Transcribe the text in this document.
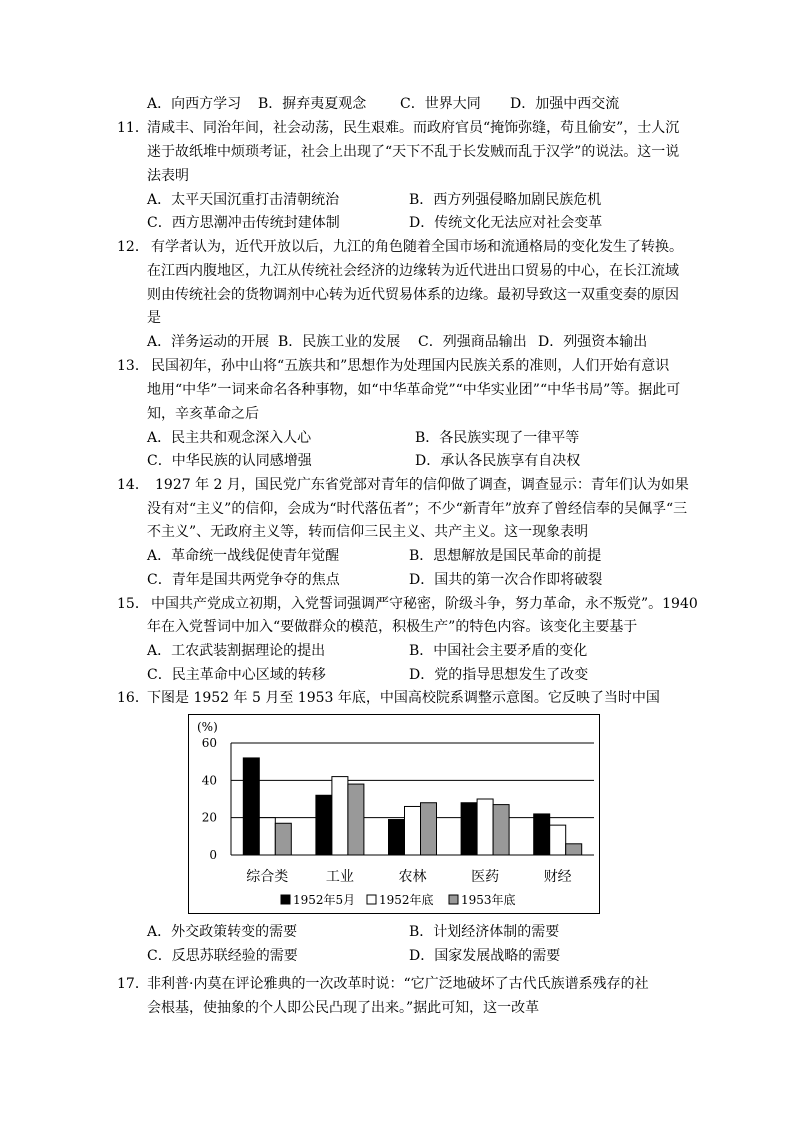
A．向西方学习 B．摒弃夷夏观念 C．世界大同 D．加强中西交流
11．
清咸丰、同治年间，社会动荡，民生艰难。而政府官员“掩饰弥缝，苟且偷安”，士人沉
迷于故纸堆中烦琐考证，社会上出现了“天下不乱于长发贼而乱于汉学”的说法。这一说
法表明
A．太平天国沉重打击清朝统治	B．西方列强侵略加剧民族危机
C．西方思潮冲击传统封建体制	D．传统文化无法应对社会变革
12． 有学者认为，近代开放以后，九江的角色随着全国市场和流通格局的变化发生了转换。
在江西内腹地区，九江从传统社会经济的边缘转为近代进出口贸易的中心，在长江流域
则由传统社会的货物调剂中心转为近代贸易体系的边缘。最初导致这一双重变奏的原因
是
A．洋务运动的开展 B．民族工业的发展 C．列强商品输出 D．列强资本输出
13． 民国初年，孙中山将“五族共和”思想作为处理国内民族关系的准则，人们开始有意识
地用“中华”一词来命名各种事物，如“中华革命党”“中华实业团”“中华书局”等。据此可
知，辛亥革命之后
A．民主共和观念深入人心	B．各民族实现了一律平等
C．中华民族的认同感增强	D．承认各民族享有自决权
14． 1927 年 2 月，国民党广东省党部对青年的信仰做了调查，调查显示：青年们认为如果
没有对“主义”的信仰，会成为“时代落伍者”；不少“新青年”放弃了曾经信奉的吴佩孚“三
不主义”、无政府主义等，转而信仰三民主义、共产主义。这一现象表明
A．革命统一战线促使青年觉醒	B．思想解放是国民革命的前提
C．青年是国共两党争夺的焦点	D．国共的第一次合作即将破裂
15． 中国共产党成立初期，入党誓词强调严守秘密，阶级斗争，努力革命，永不叛党”。1940
年在入党誓词中加入“要做群众的模范，积极生产”的特色内容。该变化主要基于
A．工农武装割据理论的提出	B．中国社会主要矛盾的变化
C．民主革命中心区域的转移	D．党的指导思想发生了改变
16．
下图是 1952 年 5 月至 1953 年底，中国高校院系调整示意图。它反映了当时中国
(%)
0
20
40
60
综合类	工业	农林	医药	财经
1952年5月 1952年底 1953年底
A．外交政策转变的需要	B．计划经济体制的需要
C．反思苏联经验的需要	D．国家发展战略的需要
17．
非利普·内莫在评论雅典的一次改革时说：“它广泛地破坏了古代氏族谱系残存的社
会根基，使抽象的个人即公民凸现了出来。”据此可知，这一改革
